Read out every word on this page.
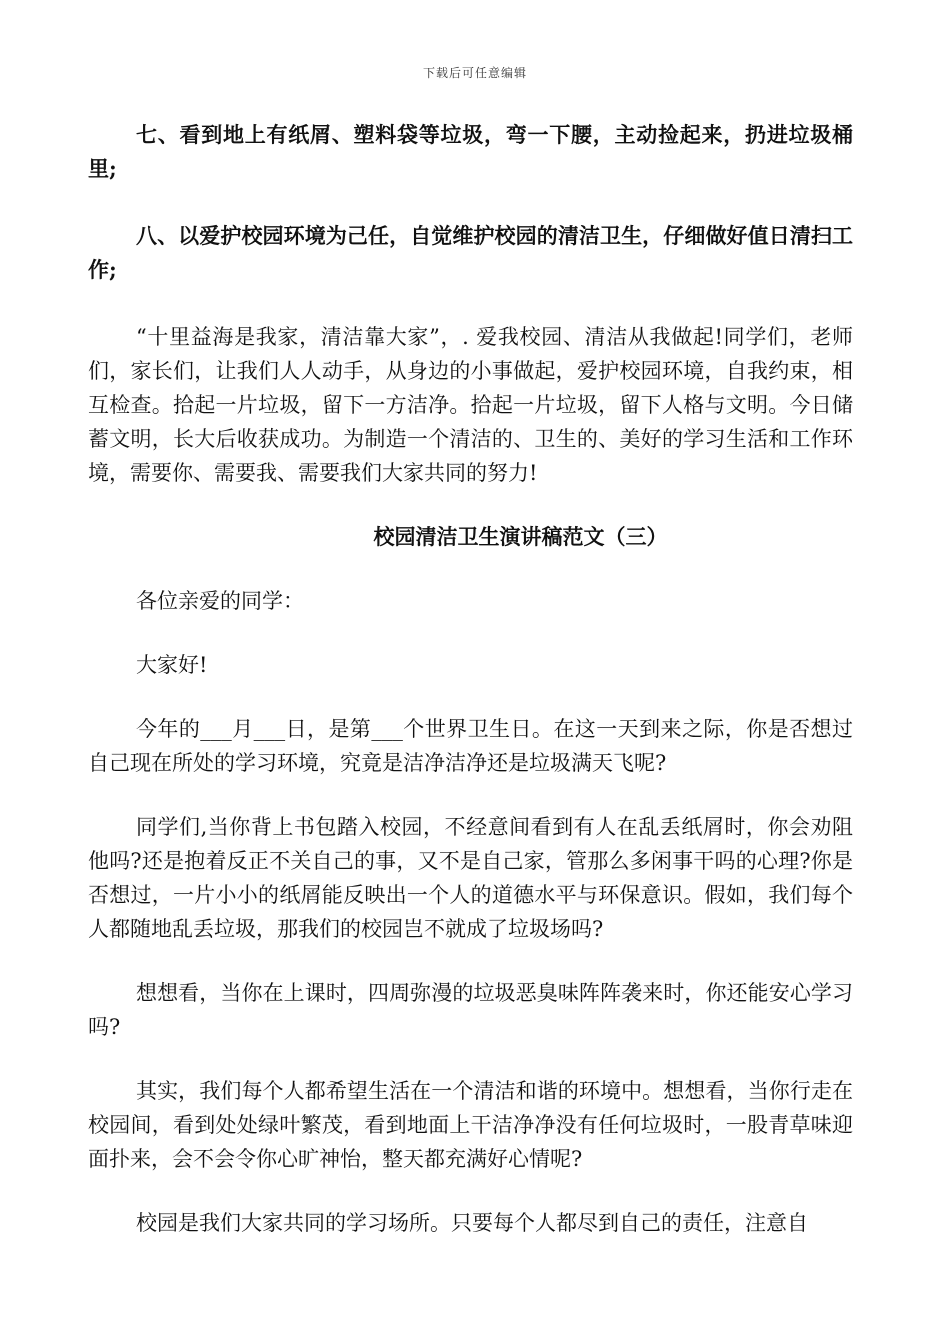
下载后可任意编辑

七、看到地上有纸屑、塑料袋等垃圾，弯一下腰，主动捡起来，扔进垃圾桶里;

八、以爱护校园环境为己任，自觉维护校园的清洁卫生，仔细做好值日清扫工作;

“十里益海是我家，清洁靠大家”，. 爱我校园、清洁从我做起!同学们，老师们，家长们，让我们人人动手，从身边的小事做起，爱护校园环境，自我约束，相互检查。拾起一片垃圾，留下一方洁净。拾起一片垃圾，留下人格与文明。今日储蓄文明，长大后收获成功。为制造一个清洁的、卫生的、美好的学习生活和工作环境，需要你、需要我、需要我们大家共同的努力!

校园清洁卫生演讲稿范文（三）

各位亲爱的同学：

大家好!

今年的___月___日，是第___个世界卫生日。在这一天到来之际，你是否想过自己现在所处的学习环境，究竟是洁净洁净还是垃圾满天飞呢?

同学们,当你背上书包踏入校园，不经意间看到有人在乱丢纸屑时，你会劝阻他吗?还是抱着反正不关自己的事，又不是自己家，管那么多闲事干吗的心理?你是否想过，一片小小的纸屑能反映出一个人的道德水平与环保意识。假如，我们每个人都随地乱丢垃圾，那我们的校园岂不就成了垃圾场吗?

想想看，当你在上课时，四周弥漫的垃圾恶臭味阵阵袭来时，你还能安心学习吗?

其实，我们每个人都希望生活在一个清洁和谐的环境中。想想看，当你行走在校园间，看到处处绿叶繁茂，看到地面上干洁净净没有任何垃圾时，一股青草味迎面扑来，会不会令你心旷神怡，整天都充满好心情呢?

校园是我们大家共同的学习场所。只要每个人都尽到自己的责任，注意自
